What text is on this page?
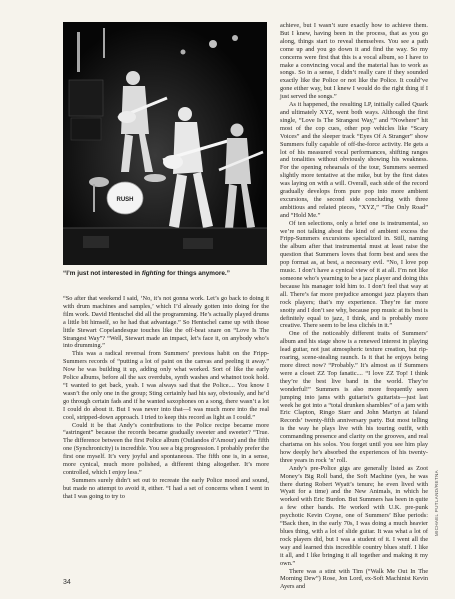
RUSH
“I’m just not interested in fighting for things anymore.”

“So after that weekend I said, ‘No, it’s not gonna work. Let’s go back to doing it with drum machines and samples,’ which I’d already gotten into doing for the film work. David Hentschel did all the programming. He’s actually played drums a little bit himself, so he had that advantage.” So Hentschel came up with those little Stewart Copelandesque touches like the off-beat snare on “Love Is The Strangest Way”? “Well, Stewart made an impact, let’s face it, on anybody who’s into drumming.”

This was a radical reversal from Summers’ previous habit on the Fripp-Summers records of “putting a lot of paint on the canvas and peeling it away.” Now he was building it up, adding only what worked. Sort of like the early Police albums, before all the sax overdubs, synth washes and whatnot took hold. “I wanted to get back, yeah. I was always sad that the Police.... You know I wasn’t the only one in the group; Sting certainly had his say, obviously, and he’d go through certain fads and if he wanted saxophones on a song, there wasn’t a lot I could do about it. But I was never into that—I was much more into the real cool, stripped-down approach. I tried to keep this record as light as I could.”

Could it be that Andy’s contributions to the Police recipe became more “astringent” because the records became gradually sweeter and sweeter? “True. The difference between the first Police album (Outlandos d’Amour) and the fifth one (Synchronicity) is incredible. You see a big progression. I probably prefer the first one myself. It’s very joyful and spontaneous. The fifth one is, in a sense, more cynical, much more polished, a different thing altogether. It’s more controlled, which I enjoy less.”

Summers surely didn’t set out to recreate the early Police mood and sound, but made no attempt to avoid it, either. “I had a set of concerns when I went in that I was going to try to

achieve, but I wasn’t sure exactly how to achieve them. But I knew, having been in the process, that as you go along, things start to reveal themselves. You see a path come up and you go down it and find the way. So my concerns were first that this is a vocal album, so I have to make a convincing vocal and the material has to work as songs. So in a sense, I didn’t really care if they sounded exactly like the Police or not like the Police. It could’ve gone either way, but I knew I would do the right thing if I just served the songs.”

As it happened, the resulting LP, initially called Quark and ultimately XYZ, went both ways. Although the first single, “Love Is The Strangest Way,” and “Nowhere” hit most of the cop cues, other pop vehicles like “Scary Voices” and the sleeper track “Eyes Of A Stranger” show Summers fully capable of off-the-force activity. He gets a lot of his measured vocal performances, shifting ranges and tonalities without obviously showing his weakness. For the opening rehearsals of the tour, Summers seemed slightly more tentative at the mike, but by the first dates was laying on with a will. Overall, each side of the record gradually develops from pure pop into more ambient excursions, the second side concluding with three ambitious and related pieces, “XYZ,” “The Only Road” and “Hold Me.”

Of ten selections, only a brief one is instrumental, so we’re not talking about the kind of ambient excess the Fripp-Summers excursions specialized in. Still, naming the album after that instrumental must at least raise the question that Summers loves that form best and sees the pop format as, at best, a necessary evil. “No, I love pop music. I don’t have a cynical view of it at all. I’m not like someone who’s yearning to be a jazz player and doing this because his manager told him to. I don’t feel that way at all. There’s far more prejudice amongst jazz players than rock players; that’s my experience. They’re far more snotty and I don’t see why, because pop music at its best is definitely equal to jazz, I think, and is probably more creative. There seem to be less clichés in it.”

One of the noticeably different traits of Summers’ album and his stage show is a renewed interest in playing lead guitar, not just atmospheric texture creation, but rip-roaring, scene-stealing raunch. Is it that he enjoys being more direct now? “Probably.” It’s almost as if Summers were a closet ZZ Top fanatic.... “I love ZZ Top! I think they’re the best live band in the world. They’re wonderful!” Summers is also more frequently seen jumping into jams with guitarist’s guitarists—just last week he got into a “total drunken shambles” of a jam with Eric Clapton, Ringo Starr and John Martyn at Island Records’ twenty-fifth anniversary party. But most telling is the way he plays live with his touring outfit, with commanding presence and clarity on the grooves, and real charisma on his solos. You forget until you see him play how deeply he’s absorbed the experiences of his twenty-three years in rock ’n’ roll.

Andy’s pre-Police gigs are generally listed as Zoot Money’s Big Roll band, the Soft Machine (yes, he was there during Robert Wyatt’s tenure; he even lived with Wyatt for a time) and the New Animals, in which he worked with Eric Burdon. But Summers has been in quite a few other bands. He worked with U.K. pre-punk psychotic Kevin Coyne, one of Summers’ Blue periods: “Back then, in the early 70s, I was doing a much heavier blues thing, with a lot of slide guitar. It was what a lot of rock players did, but I was a student of it. I went all the way and learned this incredible country blues stuff. I like it all, and I like bringing it all together and making it my own.”

There was a stint with Tim (“Walk Me Out In The Morning Dew”) Rose, Jon Lord, ex-Soft Machinist Kevin Ayers and

34
MICHAEL PUTLAND/RETNA
